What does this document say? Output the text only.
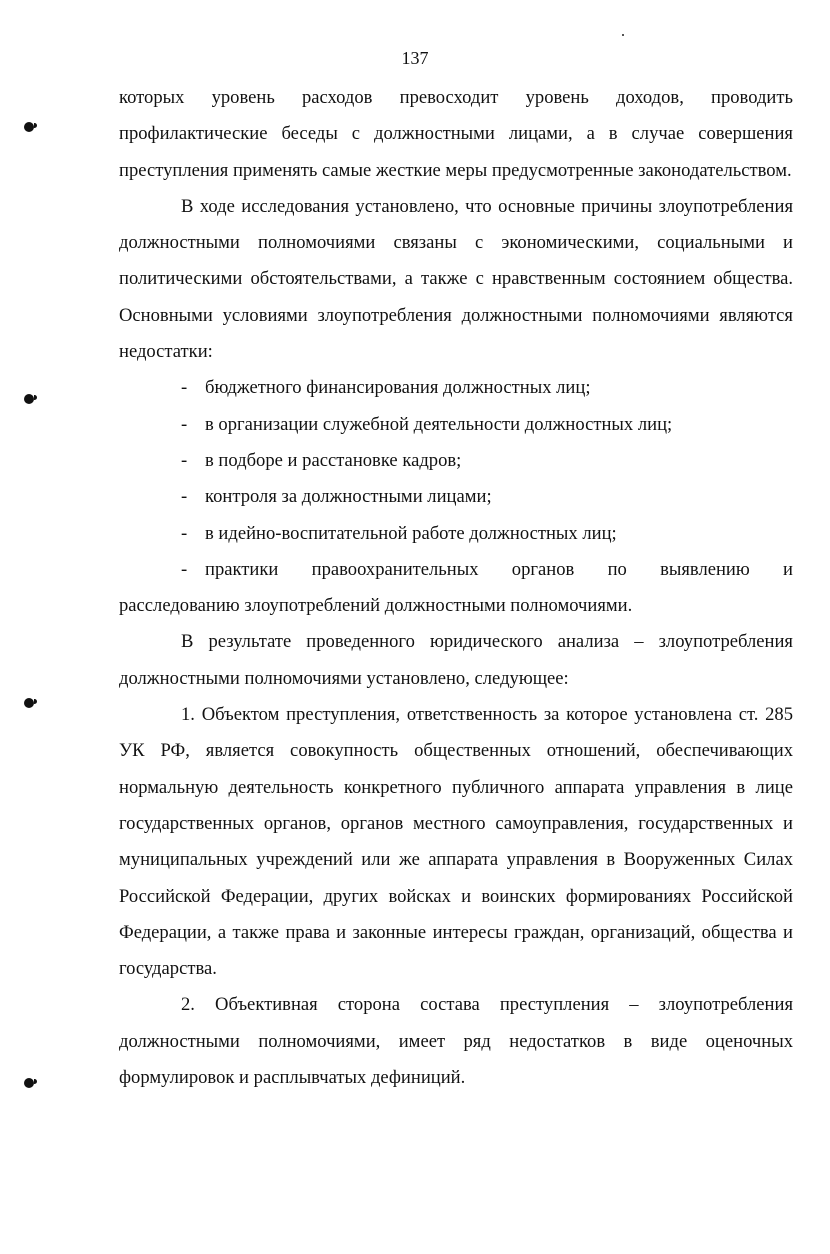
137

которых уровень расходов превосходит уровень доходов, проводить профилактические беседы с должностными лицами, а в случае совершения преступления применять самые жесткие меры предусмотренные законодательством.

В ходе исследования установлено, что основные причины злоупотребления должностными полномочиями связаны с экономическими, социальными и политическими обстоятельствами, а также с нравственным состоянием общества. Основными условиями злоупотребления должностными полномочиями являются недостатки:

- бюджетного финансирования должностных лиц;
- в организации служебной деятельности должностных лиц;
- в подборе и расстановке кадров;
- контроля за должностными лицами;
- в идейно-воспитательной работе должностных лиц;
- практики правоохранительных органов по выявлению и
расследованию злоупотреблений должностными полномочиями.

В результате проведенного юридического анализа – злоупотребления должностными полномочиями установлено, следующее:

1. Объектом преступления, ответственность за которое установлена ст. 285 УК РФ, является совокупность общественных отношений, обеспечивающих нормальную деятельность конкретного публичного аппарата управления в лице государственных органов, органов местного самоуправления, государственных и муниципальных учреждений или же аппарата управления в Вооруженных Силах Российской Федерации, других войсках и воинских формированиях Российской Федерации, а также права и законные интересы граждан, организаций, общества и государства.

2. Объективная сторона состава преступления – злоупотребления должностными полномочиями, имеет ряд недостатков в виде оценочных формулировок и расплывчатых дефиниций.
